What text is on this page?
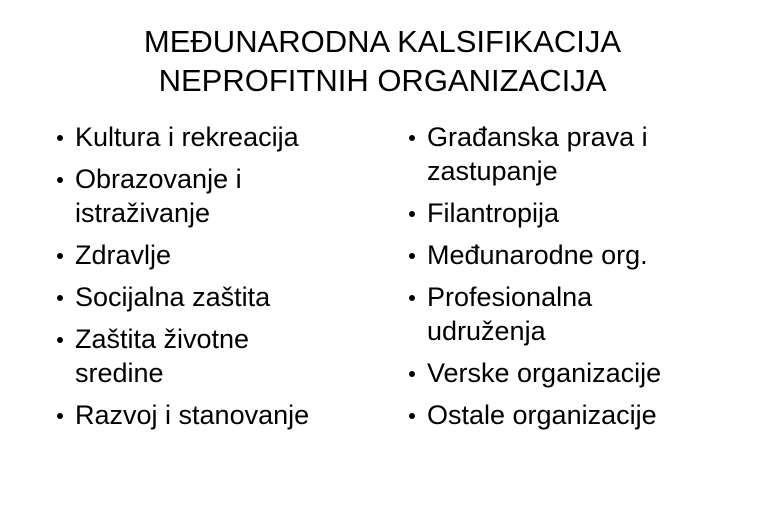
MEĐUNARODNA KALSIFIKACIJA
NEPROFITNIH ORGANIZACIJA
Kultura i rekreacija
Obrazovanje i istraživanje
Zdravlje
Socijalna zaštita
Zaštita životne sredine
Razvoj i stanovanje
Građanska prava i zastupanje
Filantropija
Međunarodne org.
Profesionalna udruženja
Verske organizacije
Ostale organizacije
